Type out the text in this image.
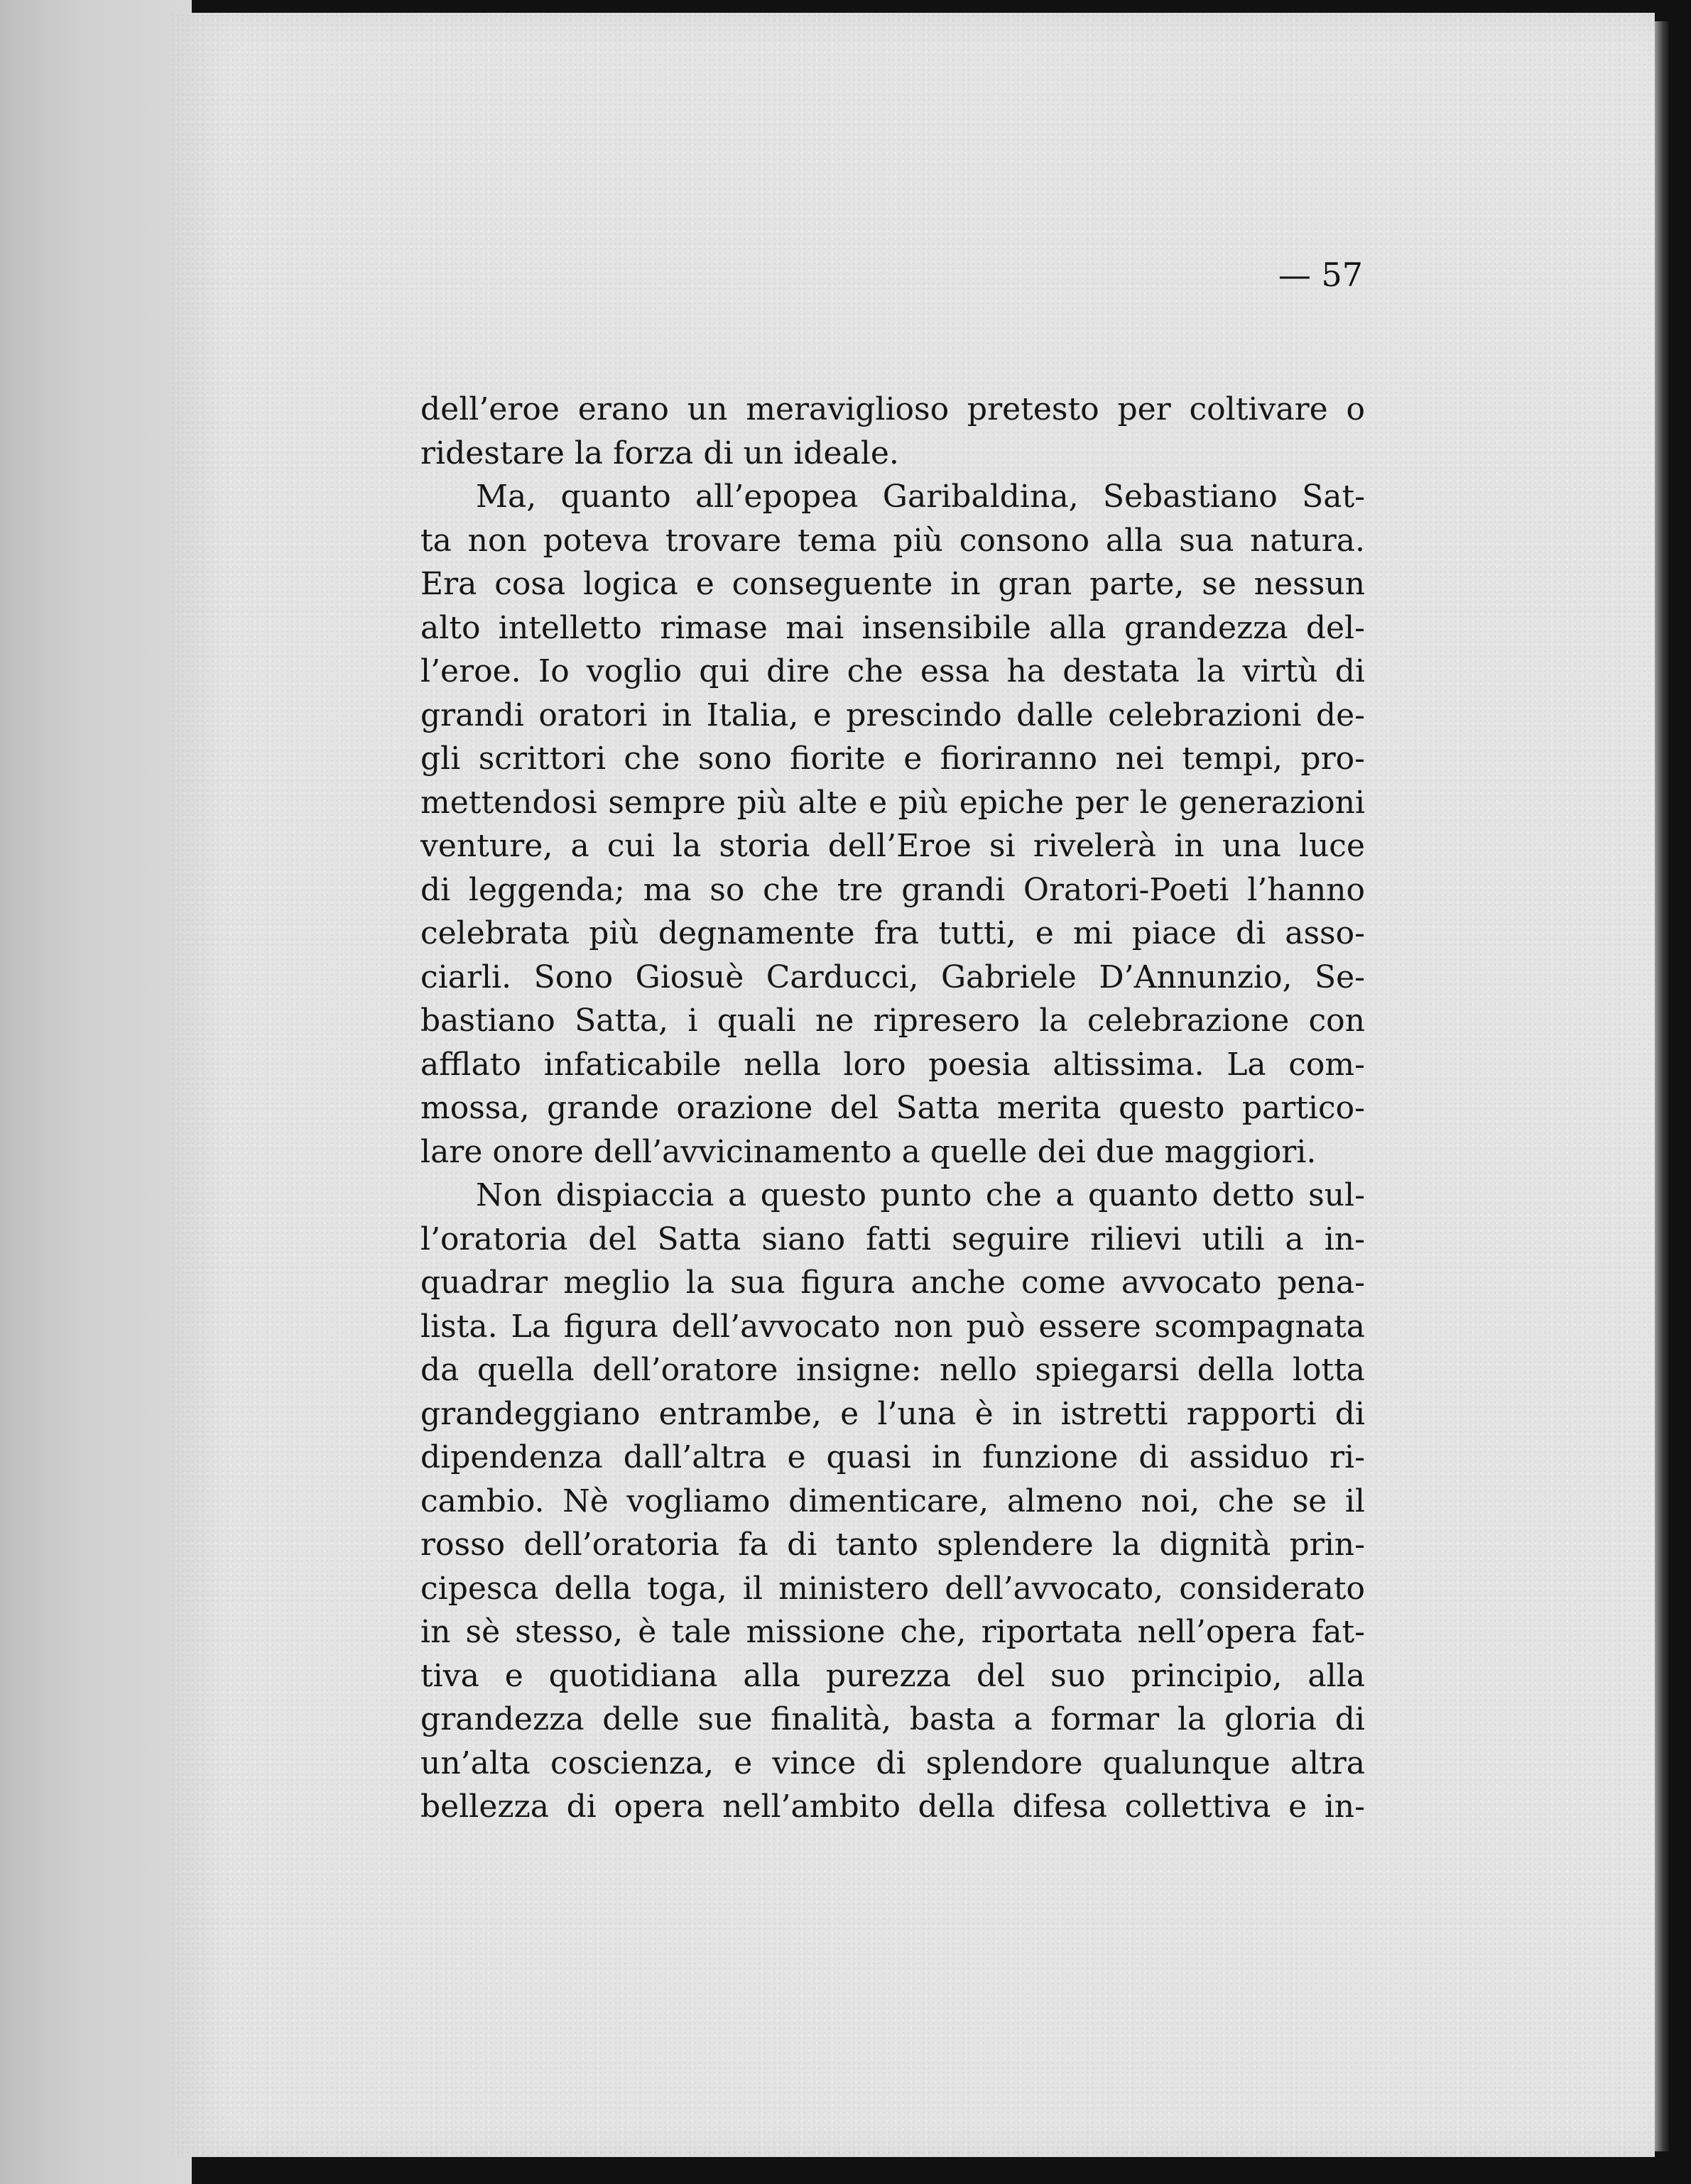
— 57

dell’eroe erano un meraviglioso pretesto per coltivare o
ridestare la forza di un ideale.
Ma, quanto all’epopea Garibaldina, Sebastiano Sat-
ta non poteva trovare tema più consono alla sua natura.
Era cosa logica e conseguente in gran parte, se nessun
alto intelletto rimase mai insensibile alla grandezza del-
l’eroe. Io voglio qui dire che essa ha destata la virtù di
grandi oratori in Italia, e prescindo dalle celebrazioni de-
gli scrittori che sono fiorite e fioriranno nei tempi, pro-
mettendosi sempre più alte e più epiche per le generazioni
venture, a cui la storia dell’Eroe si rivelerà in una luce
di leggenda; ma so che tre grandi Oratori-Poeti l’hanno
celebrata più degnamente fra tutti, e mi piace di asso-
ciarli. Sono Giosuè Carducci, Gabriele D’Annunzio, Se-
bastiano Satta, i quali ne ripresero la celebrazione con
afflato infaticabile nella loro poesia altissima. La com-
mossa, grande orazione del Satta merita questo partico-
lare onore dell’avvicinamento a quelle dei due maggiori.
Non dispiaccia a questo punto che a quanto detto sul-
l’oratoria del Satta siano fatti seguire rilievi utili a in-
quadrar meglio la sua figura anche come avvocato pena-
lista. La figura dell’avvocato non può essere scompagnata
da quella dell’oratore insigne: nello spiegarsi della lotta
grandeggiano entrambe, e l’una è in istretti rapporti di
dipendenza dall’altra e quasi in funzione di assiduo ri-
cambio. Nè vogliamo dimenticare, almeno noi, che se il
rosso dell’oratoria fa di tanto splendere la dignità prin-
cipesca della toga, il ministero dell’avvocato, considerato
in sè stesso, è tale missione che, riportata nell’opera fat-
tiva e quotidiana alla purezza del suo principio, alla
grandezza delle sue finalità, basta a formar la gloria di
un’alta coscienza, e vince di splendore qualunque altra
bellezza di opera nell’ambito della difesa collettiva e in-
